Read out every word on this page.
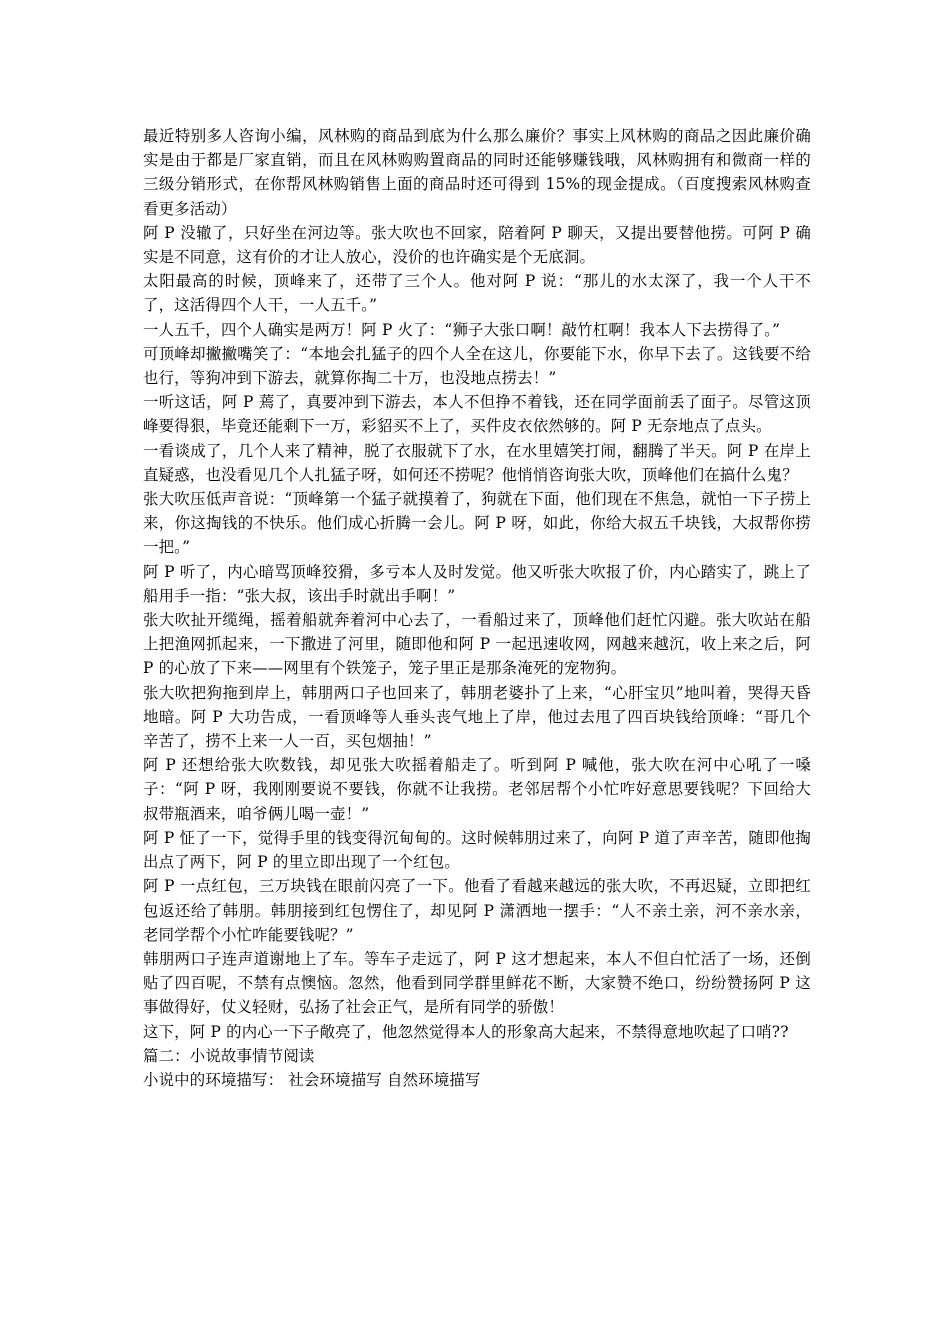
最近特别多人咨询小编，风林购的商品到底为什么那么廉价？事实上风林购的商品之因此廉价确实是由于都是厂家直销，而且在风林购购置商品的同时还能够赚钱哦，风林购拥有和微商一样的三级分销形式，在你帮风林购销售上面的商品时还可得到 15%的现金提成。（百度搜索风林购查看更多活动）

阿 P 没辙了，只好坐在河边等。张大吹也不回家，陪着阿 P 聊天，又提出要替他捞。可阿 P 确实是不同意，这有价的才让人放心，没价的也许确实是个无底洞。

太阳最高的时候，顶峰来了，还带了三个人。他对阿 P 说：“那儿的水太深了，我一个人干不了，这活得四个人干，一人五千。”

一人五千，四个人确实是两万！阿 P 火了：“狮子大张口啊！敲竹杠啊！我本人下去捞得了。”

可顶峰却撇撇嘴笑了：“本地会扎猛子的四个人全在这儿，你要能下水，你早下去了。这钱要不给也行，等狗冲到下游去，就算你掏二十万，也没地点捞去！”

一听这话，阿 P 蔫了，真要冲到下游去，本人不但挣不着钱，还在同学面前丢了面子。尽管这顶峰要得狠，毕竟还能剩下一万，彩貂买不上了，买件皮衣依然够的。阿 P 无奈地点了点头。

一看谈成了，几个人来了精神，脱了衣服就下了水，在水里嬉笑打闹，翻腾了半天。阿 P 在岸上直疑惑，也没看见几个人扎猛子呀，如何还不捞呢？他悄悄咨询张大吹，顶峰他们在搞什么鬼？

张大吹压低声音说：“顶峰第一个猛子就摸着了，狗就在下面，他们现在不焦急，就怕一下子捞上来，你这掏钱的不快乐。他们成心折腾一会儿。阿 P 呀，如此，你给大叔五千块钱，大叔帮你捞一把。”

阿 P 听了，内心暗骂顶峰狡猾，多亏本人及时发觉。他又听张大吹报了价，内心踏实了，跳上了船用手一指：“张大叔，该出手时就出手啊！”

张大吹扯开缆绳，摇着船就奔着河中心去了，一看船过来了，顶峰他们赶忙闪避。张大吹站在船上把渔网抓起来，一下撒进了河里，随即他和阿 P 一起迅速收网，网越来越沉，收上来之后，阿 P 的心放了下来——网里有个铁笼子，笼子里正是那条淹死的宠物狗。

张大吹把狗拖到岸上，韩朋两口子也回来了，韩朋老婆扑了上来，“心肝宝贝”地叫着，哭得天昏地暗。阿 P 大功告成，一看顶峰等人垂头丧气地上了岸，他过去甩了四百块钱给顶峰：“哥几个辛苦了，捞不上来一人一百，买包烟抽！”

阿 P 还想给张大吹数钱，却见张大吹摇着船走了。听到阿 P 喊他，张大吹在河中心吼了一嗓子：“阿 P 呀，我刚刚要说不要钱，你就不让我捞。老邻居帮个小忙咋好意思要钱呢？下回给大叔带瓶酒来，咱爷俩儿喝一壶！”

阿 P 怔了一下，觉得手里的钱变得沉甸甸的。这时候韩朋过来了，向阿 P 道了声辛苦，随即他掏出点了两下，阿 P 的里立即出现了一个红包。

阿 P 一点红包，三万块钱在眼前闪亮了一下。他看了看越来越远的张大吹，不再迟疑，立即把红包返还给了韩朋。韩朋接到红包愣住了，却见阿 P 潇洒地一摆手：“人不亲土亲，河不亲水亲，老同学帮个小忙咋能要钱呢？”

韩朋两口子连声道谢地上了车。等车子走远了，阿 P 这才想起来，本人不但白忙活了一场，还倒贴了四百呢，不禁有点懊恼。忽然，他看到同学群里鲜花不断，大家赞不绝口，纷纷赞扬阿 P 这事做得好，仗义轻财，弘扬了社会正气，是所有同学的骄傲！

这下，阿 P 的内心一下子敞亮了，他忽然觉得本人的形象高大起来，不禁得意地吹起了口哨??

篇二：小说故事情节阅读

小说中的环境描写： 社会环境描写 自然环境描写
